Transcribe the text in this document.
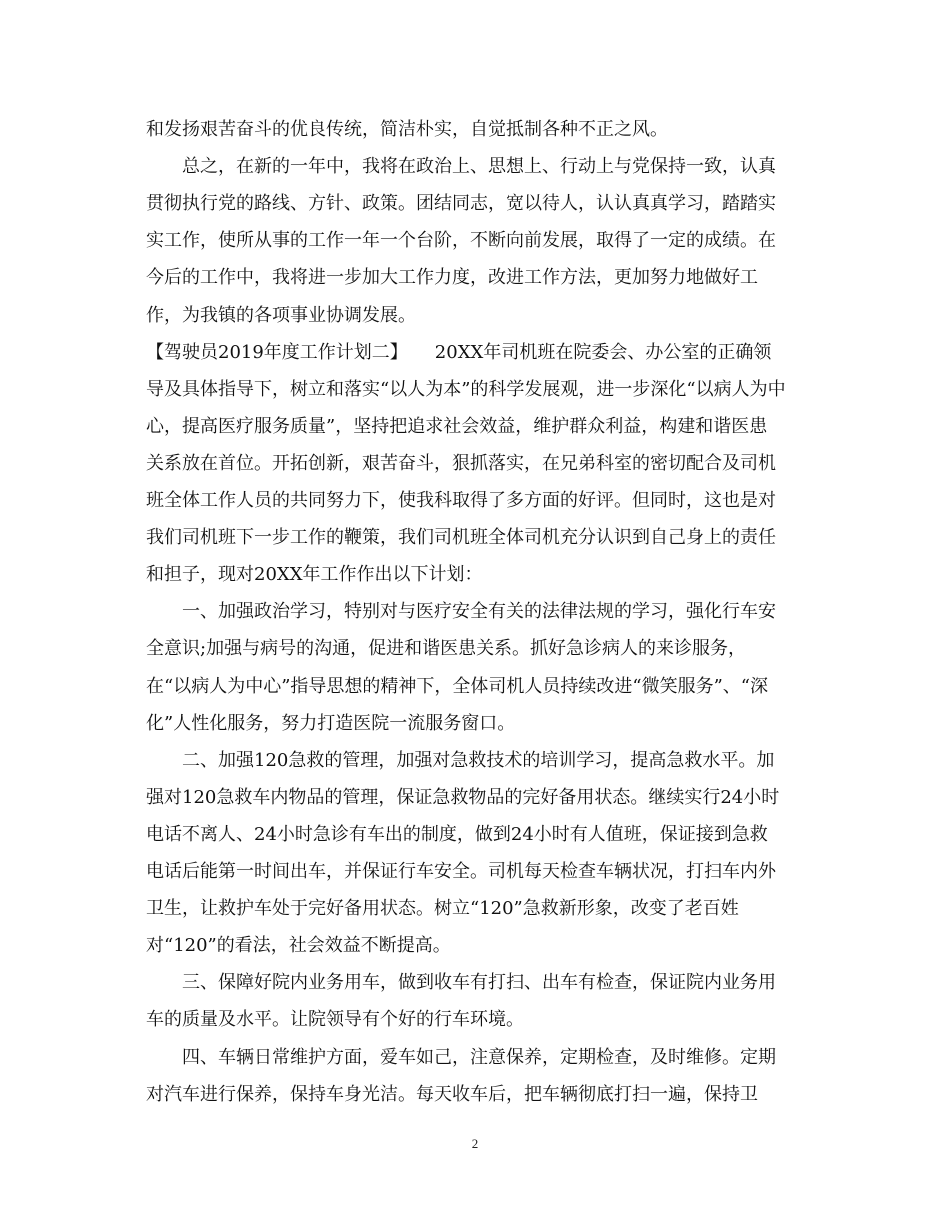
和发扬艰苦奋斗的优良传统，简洁朴实，自觉抵制各种不正之风。
　　总之，在新的一年中，我将在政治上、思想上、行动上与党保持一致，认真
贯彻执行党的路线、方针、政策。团结同志，宽以待人，认认真真学习，踏踏实
实工作，使所从事的工作一年一个台阶，不断向前发展，取得了一定的成绩。在
今后的工作中，我将进一步加大工作力度，改进工作方法，更加努力地做好工
作，为我镇的各项事业协调发展。
【驾驶员2019年度工作计划二】　　20XX年司机班在院委会、办公室的正确领
导及具体指导下，树立和落实“以人为本”的科学发展观，进一步深化“以病人为中
心，提高医疗服务质量”，坚持把追求社会效益，维护群众利益，构建和谐医患
关系放在首位。开拓创新，艰苦奋斗，狠抓落实，在兄弟科室的密切配合及司机
班全体工作人员的共同努力下，使我科取得了多方面的好评。但同时，这也是对
我们司机班下一步工作的鞭策，我们司机班全体司机充分认识到自己身上的责任
和担子，现对20XX年工作作出以下计划：
　　一、加强政治学习，特别对与医疗安全有关的法律法规的学习，强化行车安
全意识;加强与病号的沟通，促进和谐医患关系。抓好急诊病人的来诊服务，
在“以病人为中心”指导思想的精神下，全体司机人员持续改进“微笑服务”、“深
化”人性化服务，努力打造医院一流服务窗口。
　　二、加强120急救的管理，加强对急救技术的培训学习，提高急救水平。加
强对120急救车内物品的管理，保证急救物品的完好备用状态。继续实行24小时
电话不离人、24小时急诊有车出的制度，做到24小时有人值班，保证接到急救
电话后能第一时间出车，并保证行车安全。司机每天检查车辆状况，打扫车内外
卫生，让救护车处于完好备用状态。树立“120”急救新形象，改变了老百姓
对“120”的看法，社会效益不断提高。
　　三、保障好院内业务用车，做到收车有打扫、出车有检查，保证院内业务用
车的质量及水平。让院领导有个好的行车环境。
　　四、车辆日常维护方面，爱车如己，注意保养，定期检查，及时维修。定期
对汽车进行保养，保持车身光洁。每天收车后，把车辆彻底打扫一遍，保持卫
2
